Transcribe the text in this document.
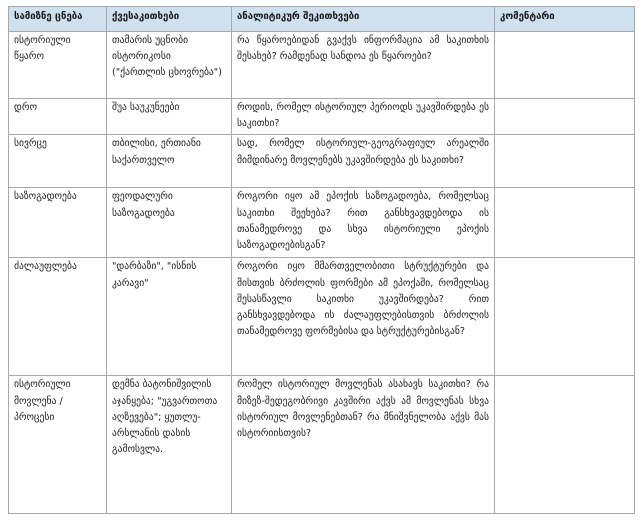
სამიზნე ცნება	ქვესაკითხები	ანალიტიკურ შეკითხვები	კომენტარი
ისტორიული წყარო	თამარის უცნობი ისტორიკოსი ("ქართლის ცხოვრება")	რა წყაროებიდან გვაქვს ინფორმაცია ამ საკითხის შესახებ? რამდენად სანდოა ეს წყაროები?	
დრო	შუა საუკუნეები	როდის, რომელ ისტორიულ პერიოდს უკავშირდება ეს საკითხი?	
სივრცე	თბილისი, ერთიანი საქართველო	სად, რომელ ისტორიულ-გეოგრაფიულ არეალში მიმდინარე მოვლენებს უკავშირდება ეს საკითხი?	
საზოგადოება	ფეოდალური საზოგადოება	როგორი იყო ამ ეპოქის საზოგადოება, რომელსაც საკითხი შეეხება? რით განსხვავდებოდა ის თანამედროვე და სხვა ისტორიული ეპოქის საზოგადოებისგან?	
ძალაუფლება	"დარბაზი", "ისნის კარავი"	როგორი იყო მმართველობითი სტრუქტურები და მისთვის ბრძოლის ფორმები ამ ეპოქაში, რომელსაც შესასწავლი საკითხი უკავშირდება? რით განსხვავდებოდა ის ძალაუფლებისთვის ბრძოლის თანამედროვე ფორმებისა და სტრუქტურებისგან?	
ისტორიული მოვლენა / პროცესი	დემნა ბატონიშვილის აჯანყება; "უგვართოთა აღზევება"; ყუთლუ-არსლანის დასის გამოსვლა.	რომელ ისტორიულ მოვლენას ასახავს საკითხი? რა მიზეზ-შედეგობრივი კავშირი აქვს ამ მოვლენას სხვა ისტორიულ მოვლენებთან? რა მნიშვნელობა აქვს მას ისტორიისთვის?	
